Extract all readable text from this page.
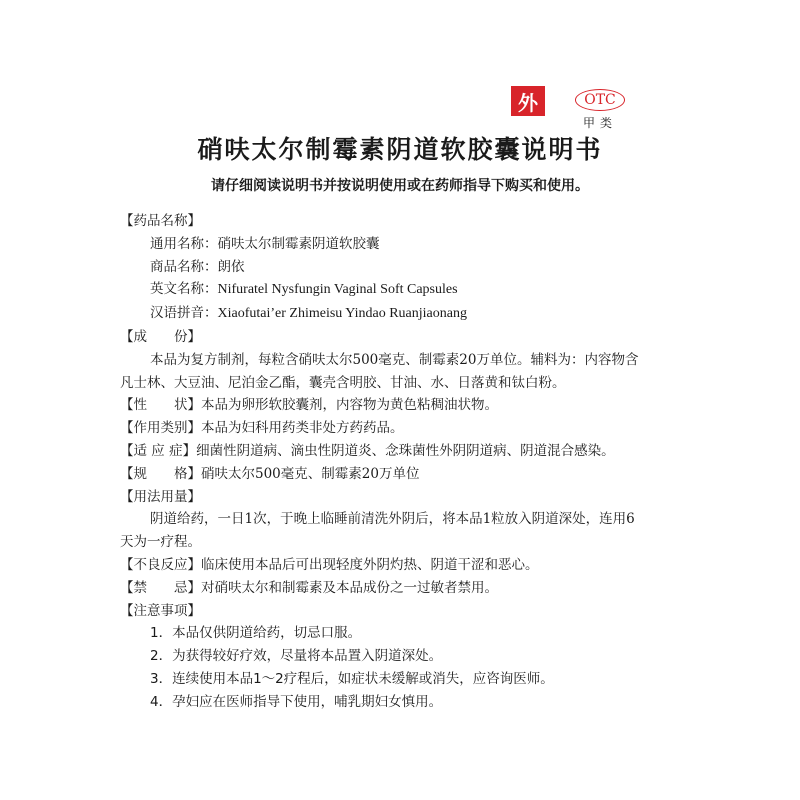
外	OTC
甲类
硝呋太尔制霉素阴道软胶囊说明书
请仔细阅读说明书并按说明使用或在药师指导下购买和使用。
【药品名称】
通用名称：硝呋太尔制霉素阴道软胶囊
商品名称：朗依
英文名称：Nifuratel Nysfungin Vaginal Soft Capsules
汉语拼音：Xiaofutai’er Zhimeisu Yindao Ruanjiaonang
【成　　份】
本品为复方制剂，每粒含硝呋太尔500毫克、制霉素20万单位。辅料为：内容物含凡士林、大豆油、尼泊金乙酯，囊壳含明胶、甘油、水、日落黄和钛白粉。
【性　　状】本品为卵形软胶囊剂，内容物为黄色粘稠油状物。
【作用类别】本品为妇科用药类非处方药药品。
【适 应 症】细菌性阴道病、滴虫性阴道炎、念珠菌性外阴阴道病、阴道混合感染。
【规　　格】硝呋太尔500毫克、制霉素20万单位
【用法用量】
阴道给药，一日1次，于晚上临睡前清洗外阴后，将本品1粒放入阴道深处，连用6天为一疗程。
【不良反应】临床使用本品后可出现轻度外阴灼热、阴道干涩和恶心。
【禁　　忌】对硝呋太尔和制霉素及本品成份之一过敏者禁用。
【注意事项】
1．本品仅供阴道给药，切忌口服。
2．为获得较好疗效，尽量将本品置入阴道深处。
3．连续使用本品1～2疗程后，如症状未缓解或消失，应咨询医师。
4．孕妇应在医师指导下使用，哺乳期妇女慎用。
